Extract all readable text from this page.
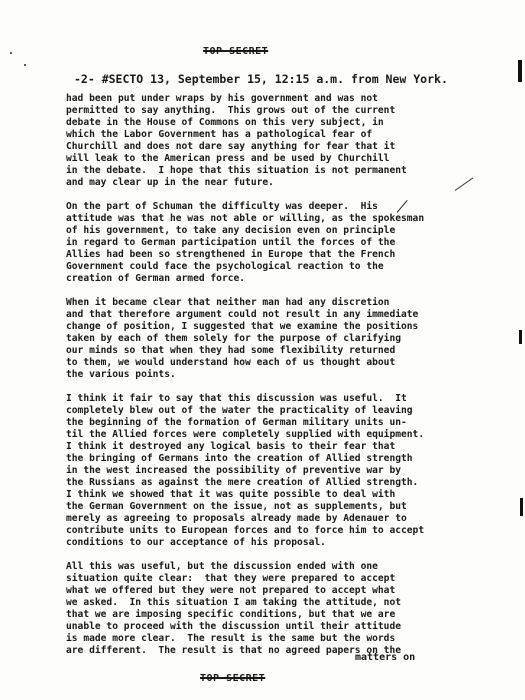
TOP SECRET
-2- #SECTO 13, September 15, 12:15 a.m. from New York.
had been put under wraps by his government and was not
permitted to say anything.  This grows out of the current
debate in the House of Commons on this very subject, in
which the Labor Government has a pathological fear of
Churchill and does not dare say anything for fear that it
will leak to the American press and be used by Churchill
in the debate.  I hope that this situation is not permanent
and may clear up in the near future.
On the part of Schuman the difficulty was deeper.  His
attitude was that he was not able or willing, as the spokesman
of his government, to take any decision even on principle
in regard to German participation until the forces of the
Allies had been so strengthened in Europe that the French
Government could face the psychological reaction to the
creation of German armed force.
When it became clear that neither man had any discretion
and that therefore argument could not result in any immediate
change of position, I suggested that we examine the positions
taken by each of them solely for the purpose of clarifying
our minds so that when they had some flexibility returned
to them, we would understand how each of us thought about
the various points.
I think it fair to say that this discussion was useful.  It
completely blew out of the water the practicality of leaving
the beginning of the formation of German military units un-
til the Allied forces were completely supplied with equipment.
I think it destroyed any logical basis to their fear that
the bringing of Germans into the creation of Allied strength
in the west increased the possibility of preventive war by
the Russians as against the mere creation of Allied strength.
I think we showed that it was quite possible to deal with
the German Government on the issue, not as supplements, but
merely as agreeing to proposals already made by Adenauer to
contribute units to European forces and to force him to accept
conditions to our acceptance of his proposal.
All this was useful, but the discussion ended with one
situation quite clear:  that they were prepared to accept
what we offered but they were not prepared to accept what
we asked.  In this situation I am taking the attitude, not
that we are imposing specific conditions, but that we are
unable to proceed with the discussion until their attitude
is made more clear.  The result is the same but the words
are different.  The result is that no agreed papers on the
matters on
TOP SECRET
